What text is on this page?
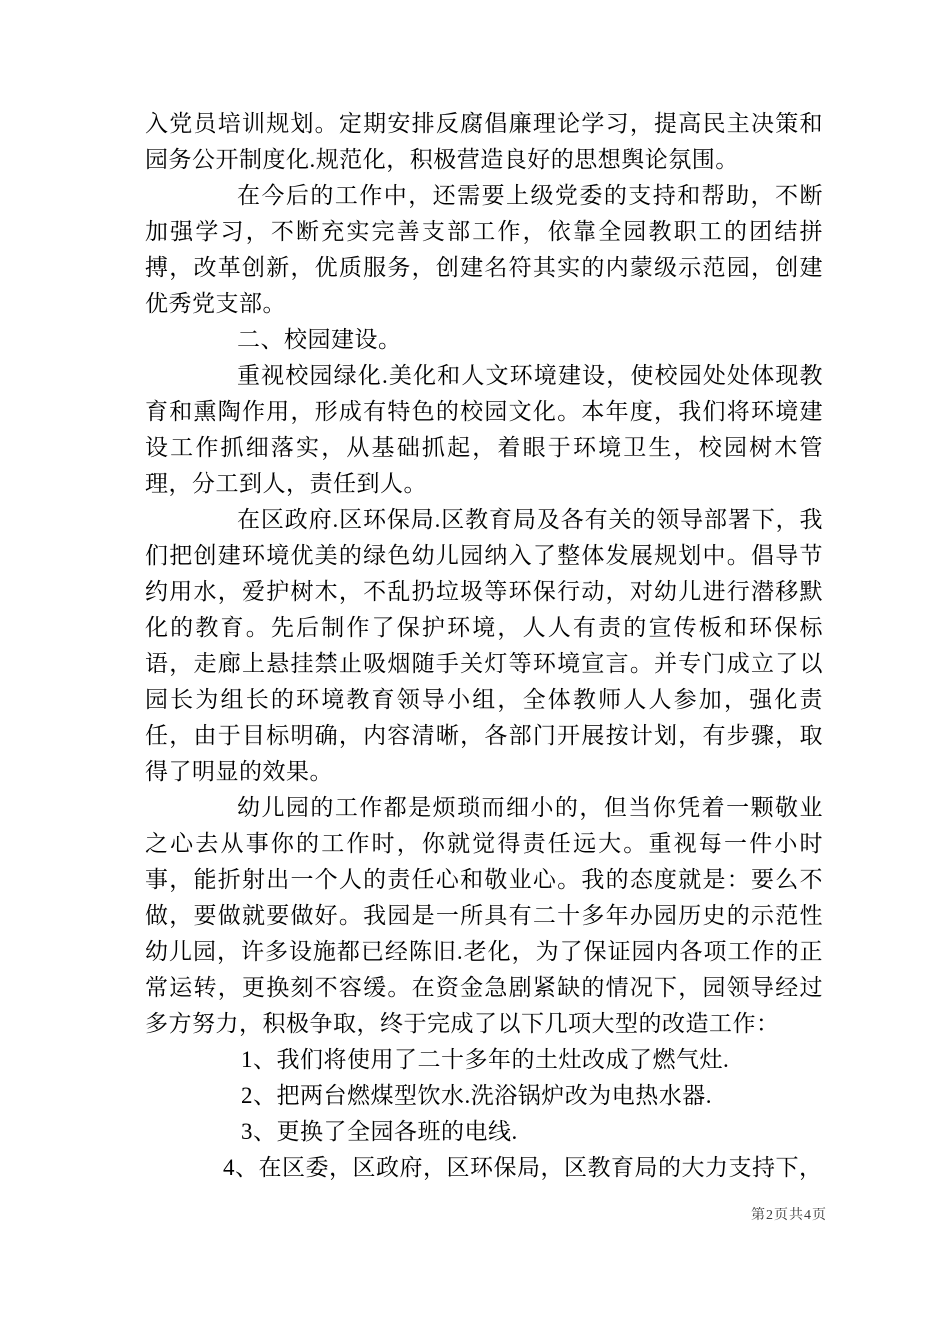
入党员培训规划。定期安排反腐倡廉理论学习，提高民主决策和园务公开制度化.规范化，积极营造良好的思想舆论氛围。

在今后的工作中，还需要上级党委的支持和帮助，不断加强学习，不断充实完善支部工作，依靠全园教职工的团结拼搏，改革创新，优质服务，创建名符其实的内蒙级示范园，创建优秀党支部。

二、校园建设。

重视校园绿化.美化和人文环境建设，使校园处处体现教育和熏陶作用，形成有特色的校园文化。本年度，我们将环境建设工作抓细落实，从基础抓起，着眼于环境卫生，校园树木管理，分工到人，责任到人。

在区政府.区环保局.区教育局及各有关的领导部署下，我们把创建环境优美的绿色幼儿园纳入了整体发展规划中。倡导节约用水，爱护树木，不乱扔垃圾等环保行动，对幼儿进行潜移默化的教育。先后制作了保护环境，人人有责的宣传板和环保标语，走廊上悬挂禁止吸烟随手关灯等环境宣言。并专门成立了以园长为组长的环境教育领导小组，全体教师人人参加，强化责任，由于目标明确，内容清晰，各部门开展按计划，有步骤，取得了明显的效果。

幼儿园的工作都是烦琐而细小的，但当你凭着一颗敬业之心去从事你的工作时，你就觉得责任远大。重视每一件小时事，能折射出一个人的责任心和敬业心。我的态度就是：要么不做，要做就要做好。我园是一所具有二十多年办园历史的示范性幼儿园，许多设施都已经陈旧.老化，为了保证园内各项工作的正常运转，更换刻不容缓。在资金急剧紧缺的情况下，园领导经过多方努力，积极争取，终于完成了以下几项大型的改造工作：

1、我们将使用了二十多年的土灶改成了燃气灶.

2、把两台燃煤型饮水.洗浴锅炉改为电热水器.

3、更换了全园各班的电线.

4、在区委，区政府，区环保局，区教育局的大力支持下，

第2页共4页
